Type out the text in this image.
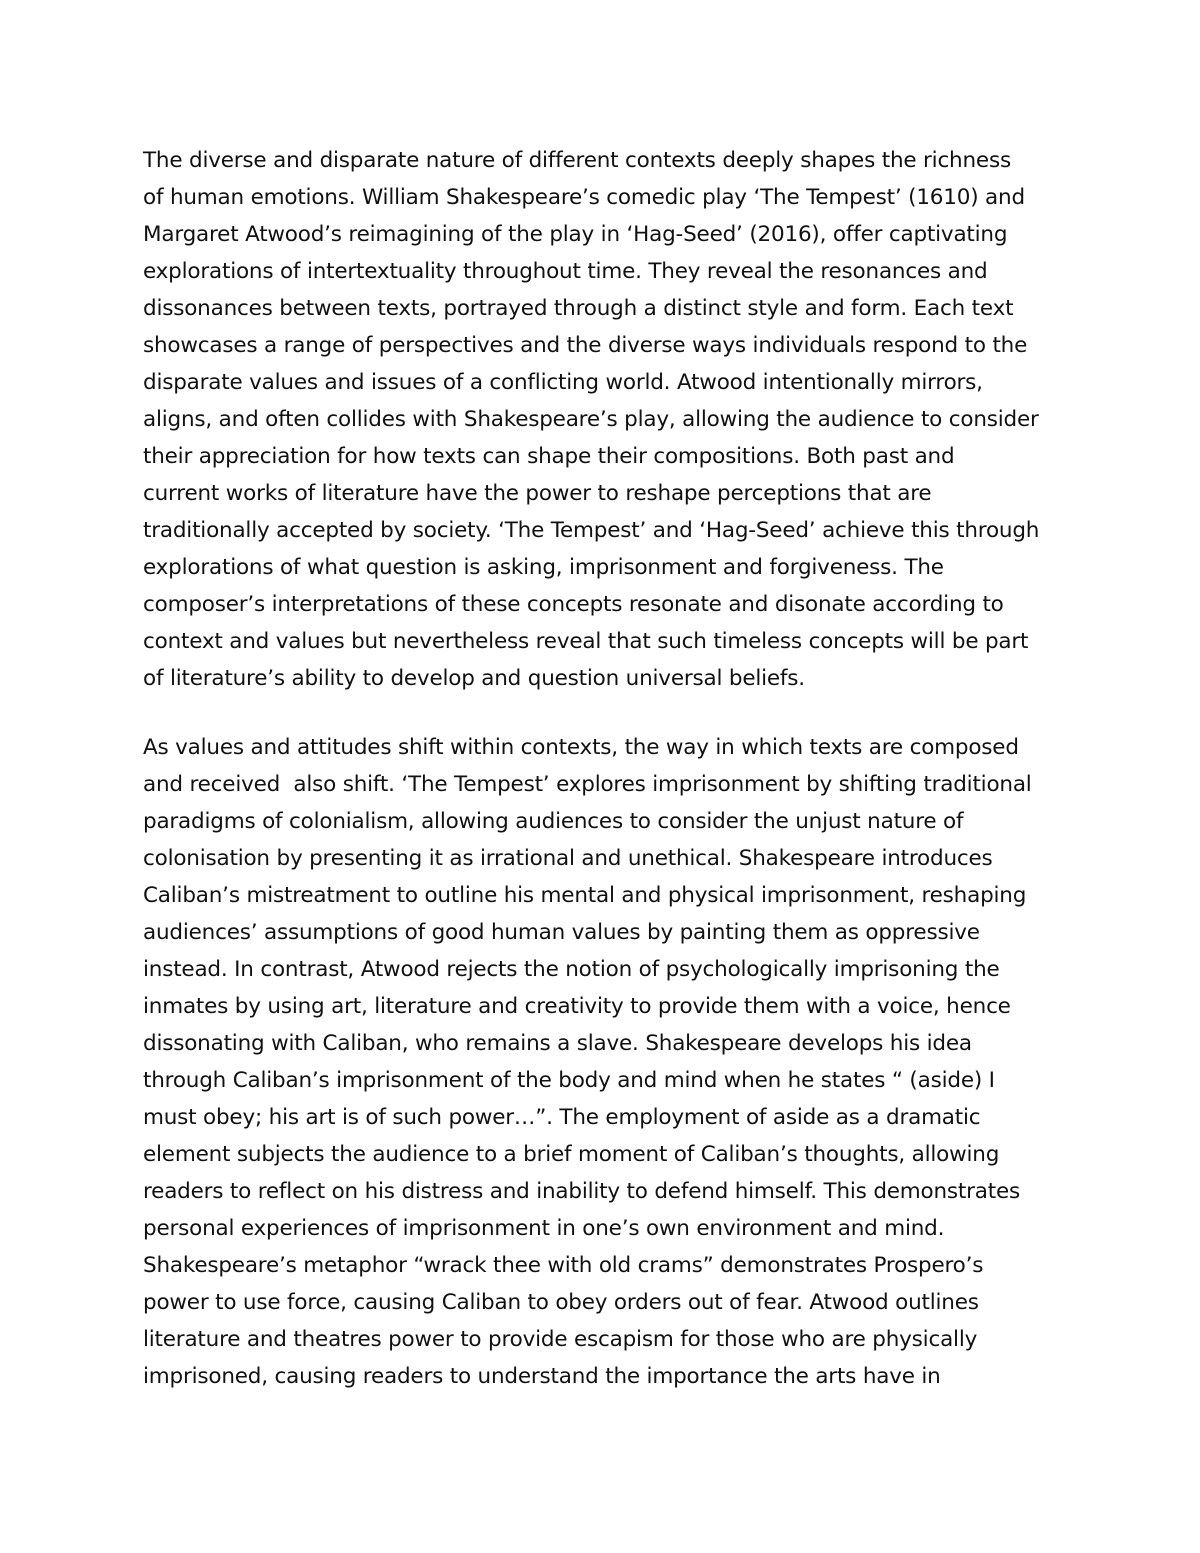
The diverse and disparate nature of different contexts deeply shapes the richness
of human emotions. William Shakespeare’s comedic play ‘The Tempest’ (1610) and
Margaret Atwood’s reimagining of the play in ‘Hag-Seed’ (2016), offer captivating
explorations of intertextuality throughout time. They reveal the resonances and
dissonances between texts, portrayed through a distinct style and form. Each text
showcases a range of perspectives and the diverse ways individuals respond to the
disparate values and issues of a conflicting world. Atwood intentionally mirrors,
aligns, and often collides with Shakespeare’s play, allowing the audience to consider
their appreciation for how texts can shape their compositions. Both past and
current works of literature have the power to reshape perceptions that are
traditionally accepted by society. ‘The Tempest’ and ‘Hag-Seed’ achieve this through
explorations of what question is asking, imprisonment and forgiveness. The
composer’s interpretations of these concepts resonate and disonate according to
context and values but nevertheless reveal that such timeless concepts will be part
of literature’s ability to develop and question universal beliefs.
As values and attitudes shift within contexts, the way in which texts are composed
and received  also shift. ‘The Tempest’ explores imprisonment by shifting traditional
paradigms of colonialism, allowing audiences to consider the unjust nature of
colonisation by presenting it as irrational and unethical. Shakespeare introduces
Caliban’s mistreatment to outline his mental and physical imprisonment, reshaping
audiences’ assumptions of good human values by painting them as oppressive
instead. In contrast, Atwood rejects the notion of psychologically imprisoning the
inmates by using art, literature and creativity to provide them with a voice, hence
dissonating with Caliban, who remains a slave. Shakespeare develops his idea
through Caliban’s imprisonment of the body and mind when he states “ (aside) I
must obey; his art is of such power…”. The employment of aside as a dramatic
element subjects the audience to a brief moment of Caliban’s thoughts, allowing
readers to reflect on his distress and inability to defend himself. This demonstrates
personal experiences of imprisonment in one’s own environment and mind.
Shakespeare’s metaphor “wrack thee with old crams” demonstrates Prospero’s
power to use force, causing Caliban to obey orders out of fear. Atwood outlines
literature and theatres power to provide escapism for those who are physically
imprisoned, causing readers to understand the importance the arts have in
